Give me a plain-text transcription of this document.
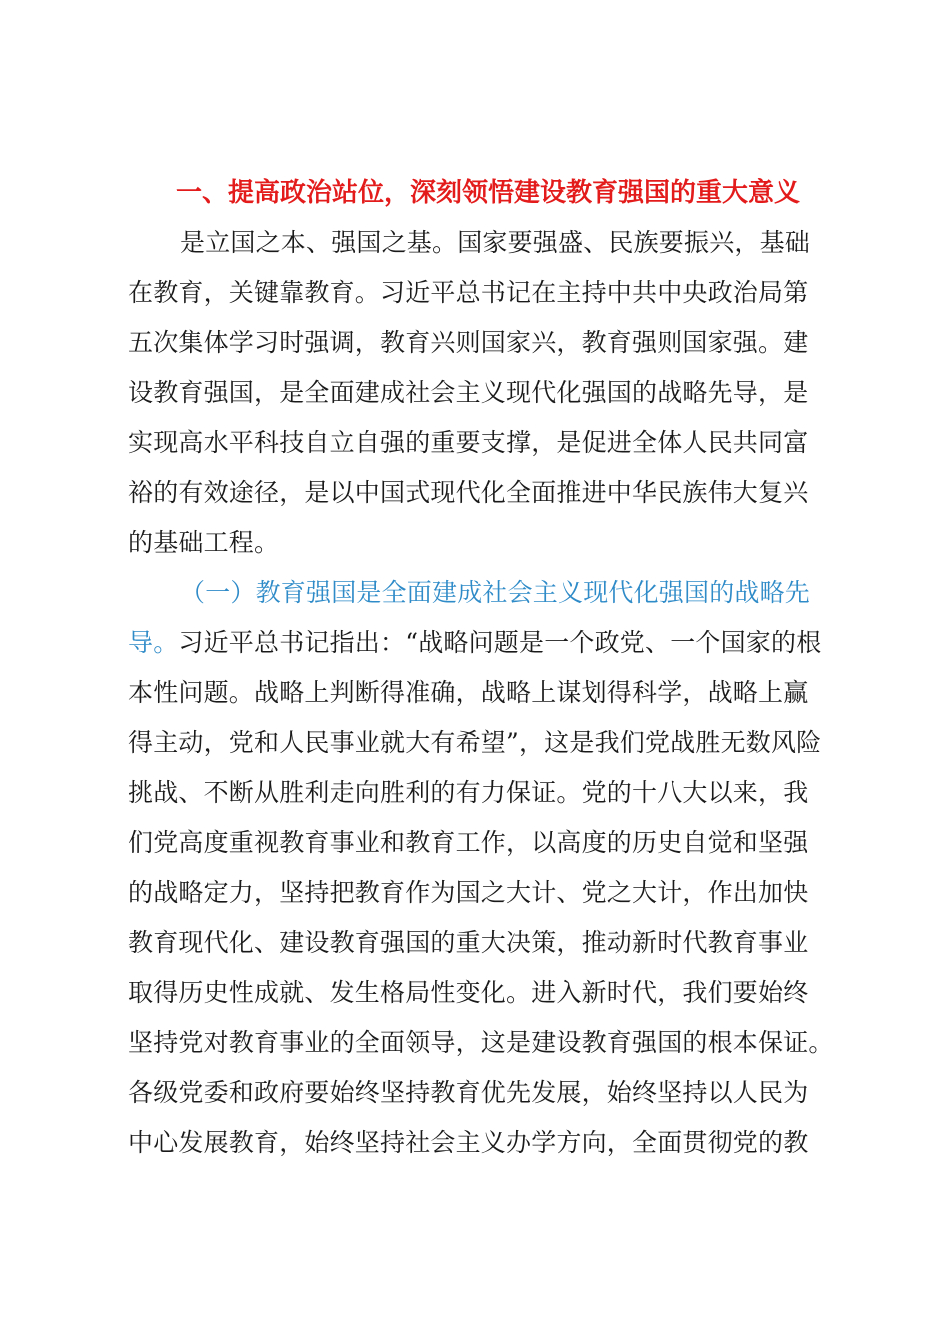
一、提高政治站位，深刻领悟建设教育强国的重大意义

是立国之本、强国之基。国家要强盛、民族要振兴，基础

在教育，关键靠教育。习近平总书记在主持中共中央政治局第

五次集体学习时强调，教育兴则国家兴，教育强则国家强。建

设教育强国，是全面建成社会主义现代化强国的战略先导，是

实现高水平科技自立自强的重要支撑，是促进全体人民共同富

裕的有效途径，是以中国式现代化全面推进中华民族伟大复兴

的基础工程。

（一）教育强国是全面建成社会主义现代化强国的战略先

导。习近平总书记指出：“战略问题是一个政党、一个国家的根

本性问题。战略上判断得准确，战略上谋划得科学，战略上赢

得主动，党和人民事业就大有希望”，这是我们党战胜无数风险

挑战、不断从胜利走向胜利的有力保证。党的十八大以来，我

们党高度重视教育事业和教育工作，以高度的历史自觉和坚强

的战略定力，坚持把教育作为国之大计、党之大计，作出加快

教育现代化、建设教育强国的重大决策，推动新时代教育事业

取得历史性成就、发生格局性变化。进入新时代，我们要始终

坚持党对教育事业的全面领导，这是建设教育强国的根本保证。

各级党委和政府要始终坚持教育优先发展，始终坚持以人民为

中心发展教育，始终坚持社会主义办学方向，全面贯彻党的教
